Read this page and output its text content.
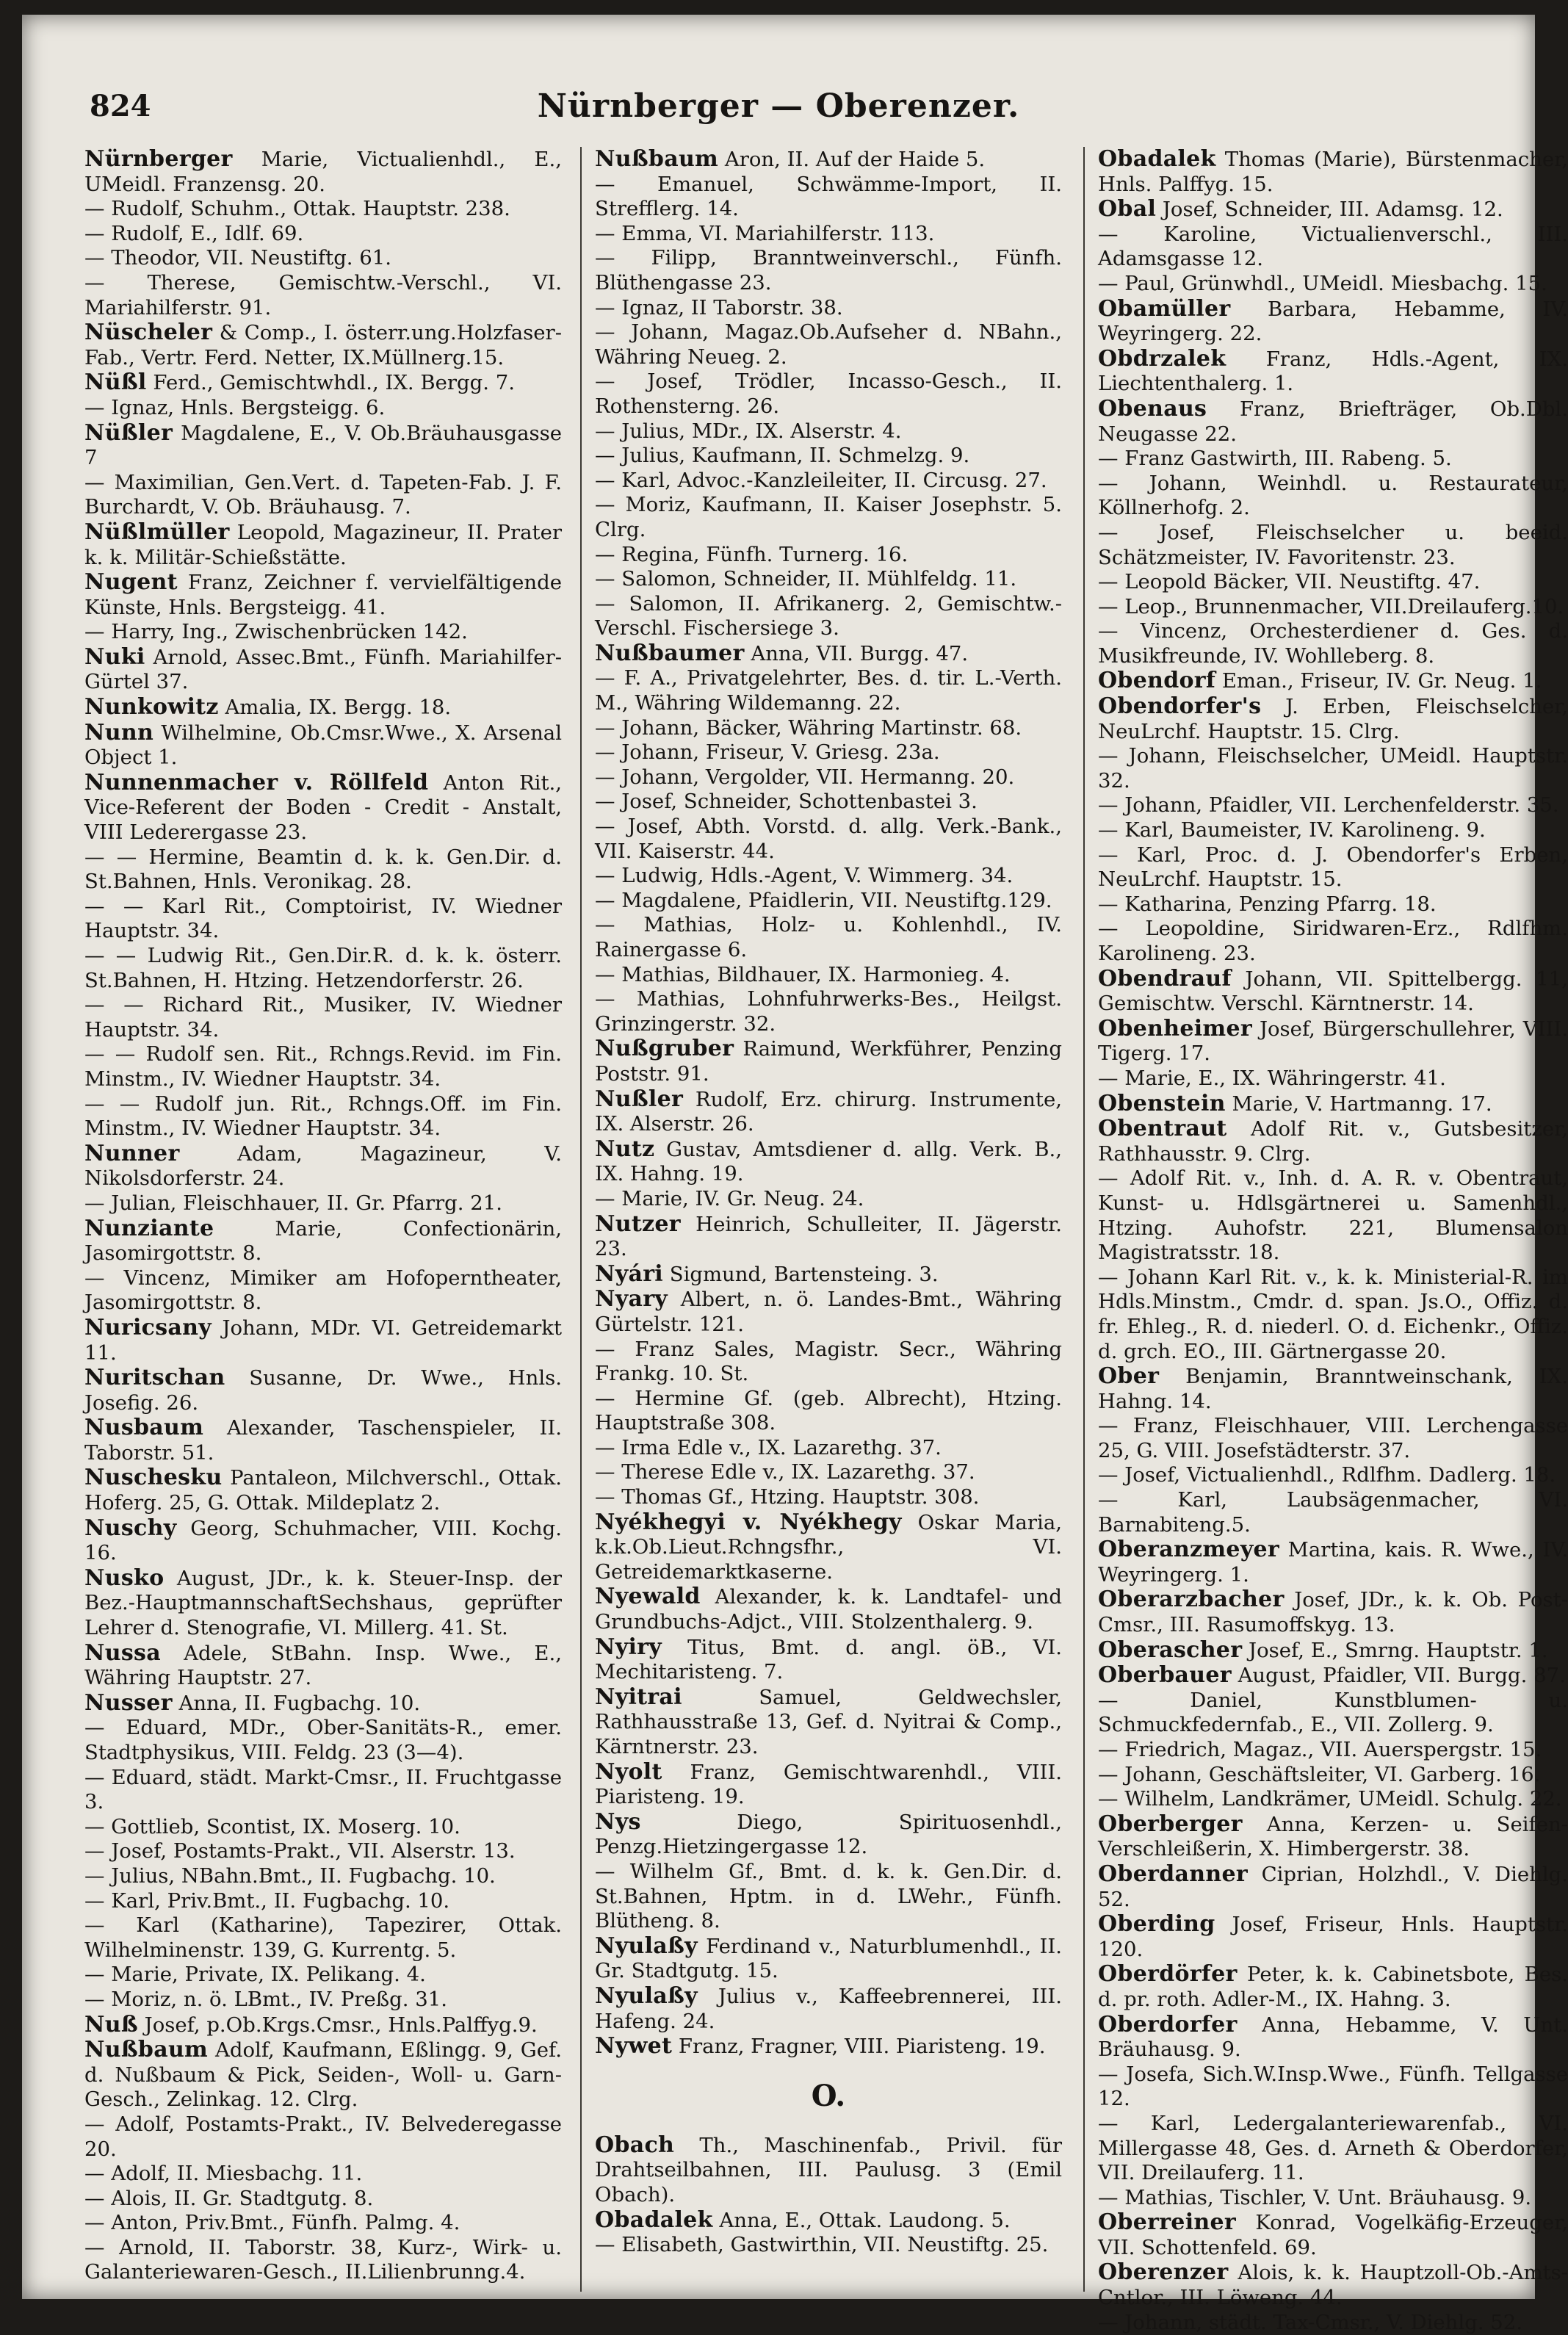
824	Nürnberger — Oberenzer.
Nürnberger Marie, Victualienhdl., E., UMeidl. Franzensg. 20.
— Rudolf, Schuhm., Ottak. Hauptstr. 238.
— Rudolf, E., Idlf. 69.
— Theodor, VII. Neustiftg. 61.
— Therese, Gemischtw.-Verschl., VI. Mariahilferstr. 91.
Nüscheler & Comp., I. österr.ung.Holzfaser-Fab., Vertr. Ferd. Netter, IX.Müllnerg.15.
Nüßl Ferd., Gemischtwhdl., IX. Bergg. 7.
— Ignaz, Hnls. Bergsteigg. 6.
Nüßler Magdalene, E., V. Ob.Bräuhausgasse 7
— Maximilian, Gen.Vert. d. Tapeten-Fab. J. F. Burchardt, V. Ob. Bräuhausg. 7.
Nüßlmüller Leopold, Magazineur, II. Prater k. k. Militär-Schießstätte.
Nugent Franz, Zeichner f. vervielfältigende Künste, Hnls. Bergsteigg. 41.
— Harry, Ing., Zwischenbrücken 142.
Nuki Arnold, Assec.Bmt., Fünfh. Mariahilfer-Gürtel 37.
Nunkowitz Amalia, IX. Bergg. 18.
Nunn Wilhelmine, Ob.Cmsr.Wwe., X. Arsenal Object 1.
Nunnenmacher v. Röllfeld Anton Rit., Vice-Referent der Boden - Credit - Anstalt, VIII Lederergasse 23.
— — Hermine, Beamtin d. k. k. Gen.Dir. d. St.Bahnen, Hnls. Veronikag. 28.
— — Karl Rit., Comptoirist, IV. Wiedner Hauptstr. 34.
— — Ludwig Rit., Gen.Dir.R. d. k. k. österr. St.Bahnen, H. Htzing. Hetzendorferstr. 26.
— — Richard Rit., Musiker, IV. Wiedner Hauptstr. 34.
— — Rudolf sen. Rit., Rchngs.Revid. im Fin. Minstm., IV. Wiedner Hauptstr. 34.
— — Rudolf jun. Rit., Rchngs.Off. im Fin. Minstm., IV. Wiedner Hauptstr. 34.
Nunner Adam, Magazineur, V. Nikolsdorferstr. 24.
— Julian, Fleischhauer, II. Gr. Pfarrg. 21.
Nunziante Marie, Confectionärin, Jasomirgottstr. 8.
— Vincenz, Mimiker am Hofoperntheater, Jasomirgottstr. 8.
Nuricsany Johann, MDr. VI. Getreidemarkt 11.
Nuritschan Susanne, Dr. Wwe., Hnls. Josefig. 26.
Nusbaum Alexander, Taschenspieler, II. Taborstr. 51.
Nuschesku Pantaleon, Milchverschl., Ottak. Hoferg. 25, G. Ottak. Mildeplatz 2.
Nuschy Georg, Schuhmacher, VIII. Kochg. 16.
Nusko August, JDr., k. k. Steuer-Insp. der Bez.-HauptmannschaftSechshaus, geprüfter Lehrer d. Stenografie, VI. Millerg. 41. St.
Nussa Adele, StBahn. Insp. Wwe., E., Währing Hauptstr. 27.
Nusser Anna, II. Fugbachg. 10.
— Eduard, MDr., Ober-Sanitäts-R., emer. Stadtphysikus, VIII. Feldg. 23 (3—4).
— Eduard, städt. Markt-Cmsr., II. Fruchtgasse 3.
— Gottlieb, Scontist, IX. Moserg. 10.
— Josef, Postamts-Prakt., VII. Alserstr. 13.
— Julius, NBahn.Bmt., II. Fugbachg. 10.
— Karl, Priv.Bmt., II. Fugbachg. 10.
— Karl (Katharine), Tapezirer, Ottak. Wilhelminenstr. 139, G. Kurrentg. 5.
— Marie, Private, IX. Pelikang. 4.
— Moriz, n. ö. LBmt., IV. Preßg. 31.
Nuß Josef, p.Ob.Krgs.Cmsr., Hnls.Palffyg.9.
Nußbaum Adolf, Kaufmann, Eßlingg. 9, Gef. d. Nußbaum & Pick, Seiden-, Woll- u. Garn-Gesch., Zelinkag. 12. Clrg.
— Adolf, Postamts-Prakt., IV. Belvederegasse 20.
— Adolf, II. Miesbachg. 11.
— Alois, II. Gr. Stadtgutg. 8.
— Anton, Priv.Bmt., Fünfh. Palmg. 4.
— Arnold, II. Taborstr. 38, Kurz-, Wirk- u. Galanteriewaren-Gesch., II.Lilienbrunng.4.
Nußbaum Aron, II. Auf der Haide 5.
— Emanuel, Schwämme-Import, II. Strefflerg. 14.
— Emma, VI. Mariahilferstr. 113.
— Filipp, Branntweinverschl., Fünfh. Blüthengasse 23.
— Ignaz, II Taborstr. 38.
— Johann, Magaz.Ob.Aufseher d. NBahn., Währing Neueg. 2.
— Josef, Trödler, Incasso-Gesch., II. Rothensterng. 26.
— Julius, MDr., IX. Alserstr. 4.
— Julius, Kaufmann, II. Schmelzg. 9.
— Karl, Advoc.-Kanzleileiter, II. Circusg. 27.
— Moriz, Kaufmann, II. Kaiser Josephstr. 5. Clrg.
— Regina, Fünfh. Turnerg. 16.
— Salomon, Schneider, II. Mühlfeldg. 11.
— Salomon, II. Afrikanerg. 2, Gemischtw.-Verschl. Fischersiege 3.
Nußbaumer Anna, VII. Burgg. 47.
— F. A., Privatgelehrter, Bes. d. tir. L.-Verth. M., Währing Wildemanng. 22.
— Johann, Bäcker, Währing Martinstr. 68.
— Johann, Friseur, V. Griesg. 23a.
— Johann, Vergolder, VII. Hermanng. 20.
— Josef, Schneider, Schottenbastei 3.
— Josef, Abth. Vorstd. d. allg. Verk.-Bank., VII. Kaiserstr. 44.
— Ludwig, Hdls.-Agent, V. Wimmerg. 34.
— Magdalene, Pfaidlerin, VII. Neustiftg.129.
— Mathias, Holz- u. Kohlenhdl., IV. Rainergasse 6.
— Mathias, Bildhauer, IX. Harmonieg. 4.
— Mathias, Lohnfuhrwerks-Bes., Heilgst. Grinzingerstr. 32.
Nußgruber Raimund, Werkführer, Penzing Poststr. 91.
Nußler Rudolf, Erz. chirurg. Instrumente, IX. Alserstr. 26.
Nutz Gustav, Amtsdiener d. allg. Verk. B., IX. Hahng. 19.
— Marie, IV. Gr. Neug. 24.
Nutzer Heinrich, Schulleiter, II. Jägerstr. 23.
Nyári Sigmund, Bartensteing. 3.
Nyary Albert, n. ö. Landes-Bmt., Währing Gürtelstr. 121.
— Franz Sales, Magistr. Secr., Währing Frankg. 10. St.
— Hermine Gf. (geb. Albrecht), Htzing. Hauptstraße 308.
— Irma Edle v., IX. Lazarethg. 37.
— Therese Edle v., IX. Lazarethg. 37.
— Thomas Gf., Htzing. Hauptstr. 308.
Nyékhegyi v. Nyékhegy Oskar Maria, k.k.Ob.Lieut.Rchngsfhr., VI. Getreidemarktkaserne.
Nyewald Alexander, k. k. Landtafel- und Grundbuchs-Adjct., VIII. Stolzenthalerg. 9.
Nyiry Titus, Bmt. d. angl. öB., VI. Mechitaristeng. 7.
Nyitrai Samuel, Geldwechsler, Rathhausstraße 13, Gef. d. Nyitrai & Comp., Kärntnerstr. 23.
Nyolt Franz, Gemischtwarenhdl., VIII. Piaristeng. 19.
Nys Diego, Spirituosenhdl., Penzg.Hietzingergasse 12.
— Wilhelm Gf., Bmt. d. k. k. Gen.Dir. d. St.Bahnen, Hptm. in d. LWehr., Fünfh. Blütheng. 8.
Nyulaßy Ferdinand v., Naturblumenhdl., II. Gr. Stadtgutg. 15.
Nyulaßy Julius v., Kaffeebrennerei, III. Hafeng. 24.
Nywet Franz, Fragner, VIII. Piaristeng. 19.
O.
Obach Th., Maschinenfab., Privil. für Drahtseilbahnen, III. Paulusg. 3 (Emil Obach).
Obadalek Anna, E., Ottak. Laudong. 5.
— Elisabeth, Gastwirthin, VII. Neustiftg. 25.
Obadalek Thomas (Marie), Bürstenmacher, Hnls. Palffyg. 15.
Obal Josef, Schneider, III. Adamsg. 12.
— Karoline, Victualienverschl., III. Adamsgasse 12.
— Paul, Grünwhdl., UMeidl. Miesbachg. 15.
Obamüller Barbara, Hebamme, IV. Weyringerg. 22.
Obdrzalek Franz, Hdls.-Agent, IX. Liechtenthalerg. 1.
Obenaus Franz, Briefträger, Ob.Dbl. Neugasse 22.
— Franz Gastwirth, III. Rabeng. 5.
— Johann, Weinhdl. u. Restaurateur, Köllnerhofg. 2.
— Josef, Fleischselcher u. beeid. Schätzmeister, IV. Favoritenstr. 23.
— Leopold Bäcker, VII. Neustiftg. 47.
— Leop., Brunnenmacher, VII.Dreilauferg.10.
— Vincenz, Orchesterdiener d. Ges. d. Musikfreunde, IV. Wohlleberg. 8.
Obendorf Eman., Friseur, IV. Gr. Neug. 1.
Obendorfer's J. Erben, Fleischselcher, NeuLrchf. Hauptstr. 15. Clrg.
— Johann, Fleischselcher, UMeidl. Hauptstr. 32.
— Johann, Pfaidler, VII. Lerchenfelderstr. 35.
— Karl, Baumeister, IV. Karolineng. 9.
— Karl, Proc. d. J. Obendorfer's Erben, NeuLrchf. Hauptstr. 15.
— Katharina, Penzing Pfarrg. 18.
— Leopoldine, Siridwaren-Erz., Rdlfhm. Karolineng. 23.
Obendrauf Johann, VII. Spittelbergg. 11, Gemischtw. Verschl. Kärntnerstr. 14.
Obenheimer Josef, Bürgerschullehrer, VIII. Tigerg. 17.
— Marie, E., IX. Währingerstr. 41.
Obenstein Marie, V. Hartmanng. 17.
Obentraut Adolf Rit. v., Gutsbesitzer, Rathhausstr. 9. Clrg.
— Adolf Rit. v., Inh. d. A. R. v. Obentraut, Kunst- u. Hdlsgärtnerei u. Samenhdl., Htzing. Auhofstr. 221, Blumensalon Magistratsstr. 18.
— Johann Karl Rit. v., k. k. Ministerial-R. im Hdls.Minstm., Cmdr. d. span. Js.O., Offiz. d. fr. Ehleg., R. d. niederl. O. d. Eichenkr., Offiz. d. grch. EO., III. Gärtnergasse 20.
Ober Benjamin, Branntweinschank, IX. Hahng. 14.
— Franz, Fleischhauer, VIII. Lerchengasse 25, G. VIII. Josefstädterstr. 37.
— Josef, Victualienhdl., Rdlfhm. Dadlerg. 18.
— Karl, Laubsägenmacher, VI. Barnabiteng.5.
Oberanzmeyer Martina, kais. R. Wwe., IV. Weyringerg. 1.
Oberarzbacher Josef, JDr., k. k. Ob. Post-Cmsr., III. Rasumoffskyg. 13.
Oberascher Josef, E., Smrng. Hauptstr. 1.
Oberbauer August, Pfaidler, VII. Burgg. 87.
— Daniel, Kunstblumen- u. Schmuckfedernfab., E., VII. Zollerg. 9.
— Friedrich, Magaz., VII. Auerspergstr. 15.
— Johann, Geschäftsleiter, VI. Garberg. 16.
— Wilhelm, Landkrämer, UMeidl. Schulg. 22.
Oberberger Anna, Kerzen- u. Seifen-Verschleißerin, X. Himbergerstr. 38.
Oberdanner Ciprian, Holzhdl., V. Diehlg. 52.
Oberding Josef, Friseur, Hnls. Hauptstr. 120.
Oberdörfer Peter, k. k. Cabinetsbote, Bes. d. pr. roth. Adler-M., IX. Hahng. 3.
Oberdorfer Anna, Hebamme, V. Unt. Bräuhausg. 9.
— Josefa, Sich.W.Insp.Wwe., Fünfh. Tellgasse 12.
— Karl, Ledergalanteriewarenfab., VI. Millergasse 48, Ges. d. Arneth & Oberdorfer, VII. Dreilauferg. 11.
— Mathias, Tischler, V. Unt. Bräuhausg. 9.
Oberreiner Konrad, Vogelkäfig-Erzeuger, VII. Schottenfeld. 69.
Oberenzer Alois, k. k. Hauptzoll-Ob.-Amts-Cntlor., III. Löweng. 44.
— Johann, städt. Tax-Cmsr., V. Diehlg. 52.
